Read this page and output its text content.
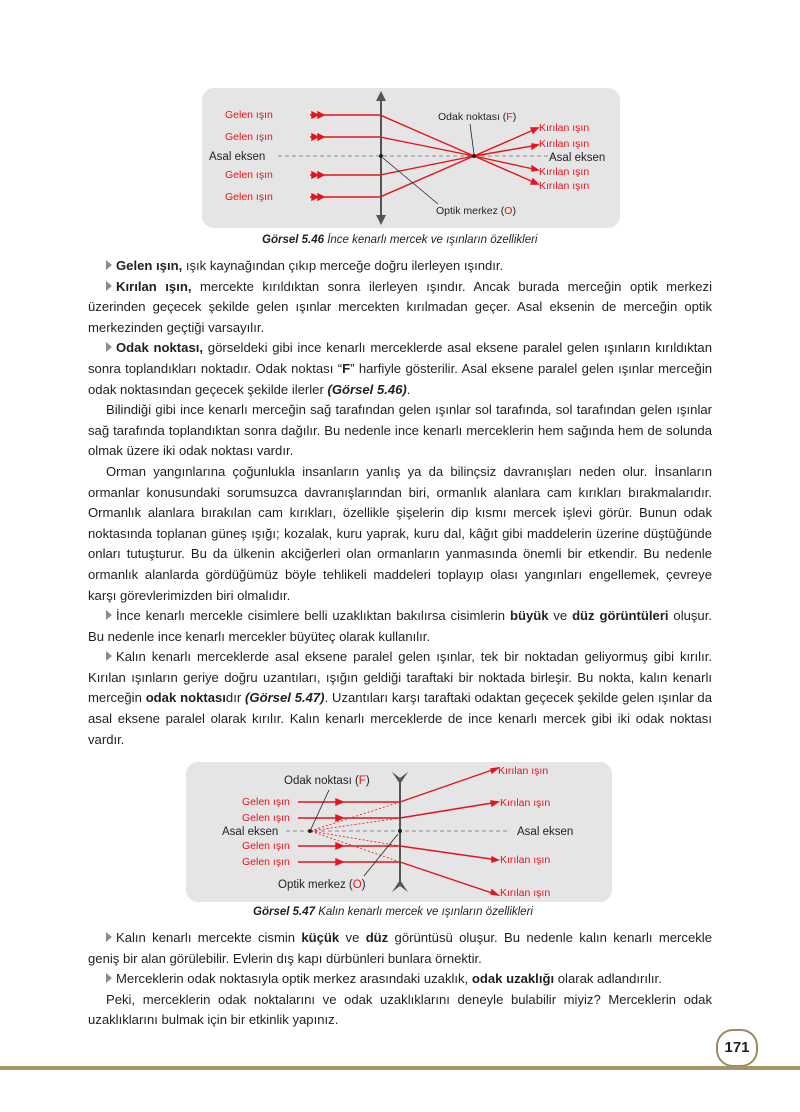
Gelen ışın
Gelen ışın
Gelen ışın
Gelen ışın
Kırılan ışın
Kırılan ışın
Kırılan ışın
Kırılan ışın
Asal eksen	Asal eksen
Odak noktası (F)
Optik merkez (O)
Görsel 5.46 İnce kenarlı mercek ve ışınların özellikleri

Gelen ışın, ışık kaynağından çıkıp merceğe doğru ilerleyen ışındır.

Kırılan ışın, mercekte kırıldıktan sonra ilerleyen ışındır. Ancak burada merceğin optik merkezi üzerinden geçecek şekilde gelen ışınlar mercekten kırılmadan geçer. Asal eksenin de merceğin optik merkezinden geçtiği varsayılır.

Odak noktası, görseldeki gibi ince kenarlı merceklerde asal eksene paralel gelen ışınların kırıldıktan sonra toplandıkları noktadır. Odak noktası “F” harfiyle gösterilir. Asal eksene paralel gelen ışınlar merceğin odak noktasından geçecek şekilde ilerler (Görsel 5.46).

Bilindiği gibi ince kenarlı merceğin sağ tarafından gelen ışınlar sol tarafında, sol tarafından gelen ışınlar sağ tarafında toplandıktan sonra dağılır. Bu nedenle ince kenarlı merceklerin hem sağında hem de solunda olmak üzere iki odak noktası vardır.

Orman yangınlarına çoğunlukla insanların yanlış ya da bilinçsiz davranışları neden olur. İnsanların ormanlar konusundaki sorumsuzca davranışlarından biri, ormanlık alanlara cam kırıkları bırakmalarıdır. Ormanlık alanlara bırakılan cam kırıkları, özellikle şişelerin dip kısmı mercek işlevi görür. Bunun odak noktasında toplanan güneş ışığı; kozalak, kuru yaprak, kuru dal, kâğıt gibi maddelerin üzerine düştüğünde onları tutuşturur. Bu da ülkenin akciğerleri olan ormanların yanmasında önemli bir etkendir. Bu nedenle ormanlık alanlarda gördüğümüz böyle tehlikeli maddeleri toplayıp olası yangınları engellemek, çevreye karşı görevlerimizden biri olmalıdır.

İnce kenarlı mercekle cisimlere belli uzaklıktan bakılırsa cisimlerin büyük ve düz görüntüleri oluşur. Bu nedenle ince kenarlı mercekler büyüteç olarak kullanılır.

Kalın kenarlı merceklerde asal eksene paralel gelen ışınlar, tek bir noktadan geliyormuş gibi kırılır. Kırılan ışınların geriye doğru uzantıları, ışığın geldiği taraftaki bir noktada birleşir. Bu nokta, kalın kenarlı merceğin odak noktasıdır (Görsel 5.47). Uzantıları karşı taraftaki odaktan geçecek şekilde gelen ışınlar da asal eksene paralel olarak kırılır. Kalın kenarlı merceklerde de ince kenarlı mercek gibi iki odak noktası vardır.

Gelen ışın
Gelen ışın
Gelen ışın
Gelen ışın
Kırılan ışın
Kırılan ışın
Kırılan ışın
Kırılan ışın
Asal eksen	Asal eksen
Odak noktası (F)
Optik merkez (O)
Görsel 5.47 Kalın kenarlı mercek ve ışınların özellikleri

Kalın kenarlı mercekte cismin küçük ve düz görüntüsü oluşur. Bu nedenle kalın kenarlı mercekle geniş bir alan görülebilir. Evlerin dış kapı dürbünleri bunlara örnektir.

Merceklerin odak noktasıyla optik merkez arasındaki uzaklık, odak uzaklığı olarak adlandırılır.

Peki, merceklerin odak noktalarını ve odak uzaklıklarını deneyle bulabilir miyiz? Merceklerin odak uzaklıklarını bulmak için bir etkinlik yapınız.

171
